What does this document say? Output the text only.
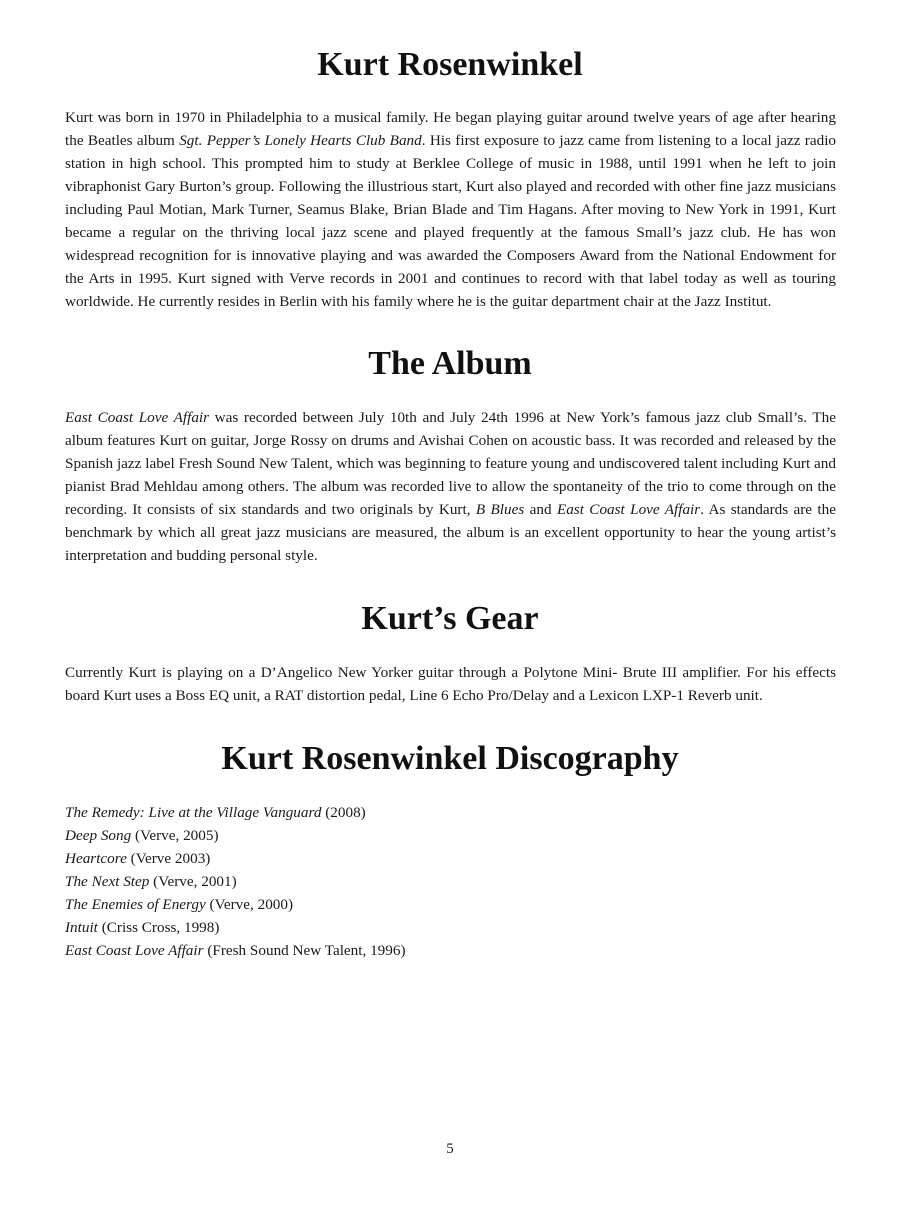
Kurt Rosenwinkel

Kurt was born in 1970 in Philadelphia to a musical family. He began playing guitar around twelve years of age after hearing the Beatles album Sgt. Pepper’s Lonely Hearts Club Band. His first exposure to jazz came from listening to a local jazz radio station in high school. This prompted him to study at Berklee College of music in 1988, until 1991 when he left to join vibraphonist Gary Burton’s group. Following the illustrious start, Kurt also played and recorded with other fine jazz musicians including Paul Motian, Mark Turner, Seamus Blake, Brian Blade and Tim Hagans. After moving to New York in 1991, Kurt became a regular on the thriving local jazz scene and played frequently at the famous Small’s jazz club. He has won widespread recognition for is innovative playing and was awarded the Composers Award from the National Endowment for the Arts in 1995. Kurt signed with Verve records in 2001 and continues to record with that label today as well as touring worldwide. He currently resides in Berlin with his family where he is the guitar department chair at the Jazz Institut.

The Album

East Coast Love Affair was recorded between July 10th and July 24th 1996 at New York’s famous jazz club Small’s. The album features Kurt on guitar, Jorge Rossy on drums and Avishai Cohen on acoustic bass. It was recorded and released by the Spanish jazz label Fresh Sound New Talent, which was beginning to feature young and undiscovered talent including Kurt and pianist Brad Mehldau among others. The album was recorded live to allow the spontaneity of the trio to come through on the recording. It consists of six standards and two originals by Kurt, B Blues and East Coast Love Affair. As standards are the benchmark by which all great jazz musicians are measured, the album is an excellent opportunity to hear the young artist’s interpretation and budding personal style.

Kurt’s Gear

Currently Kurt is playing on a D’Angelico New Yorker guitar through a Polytone Mini- Brute III amplifier. For his effects board Kurt uses a Boss EQ unit, a RAT distortion pedal, Line 6 Echo Pro/Delay and a Lexicon LXP-1 Reverb unit.

Kurt Rosenwinkel Discography
The Remedy: Live at the Village Vanguard (2008)
Deep Song (Verve, 2005)
Heartcore (Verve 2003)
The Next Step (Verve, 2001)
The Enemies of Energy (Verve, 2000)
Intuit (Criss Cross, 1998)
East Coast Love Affair (Fresh Sound New Talent, 1996)
5
